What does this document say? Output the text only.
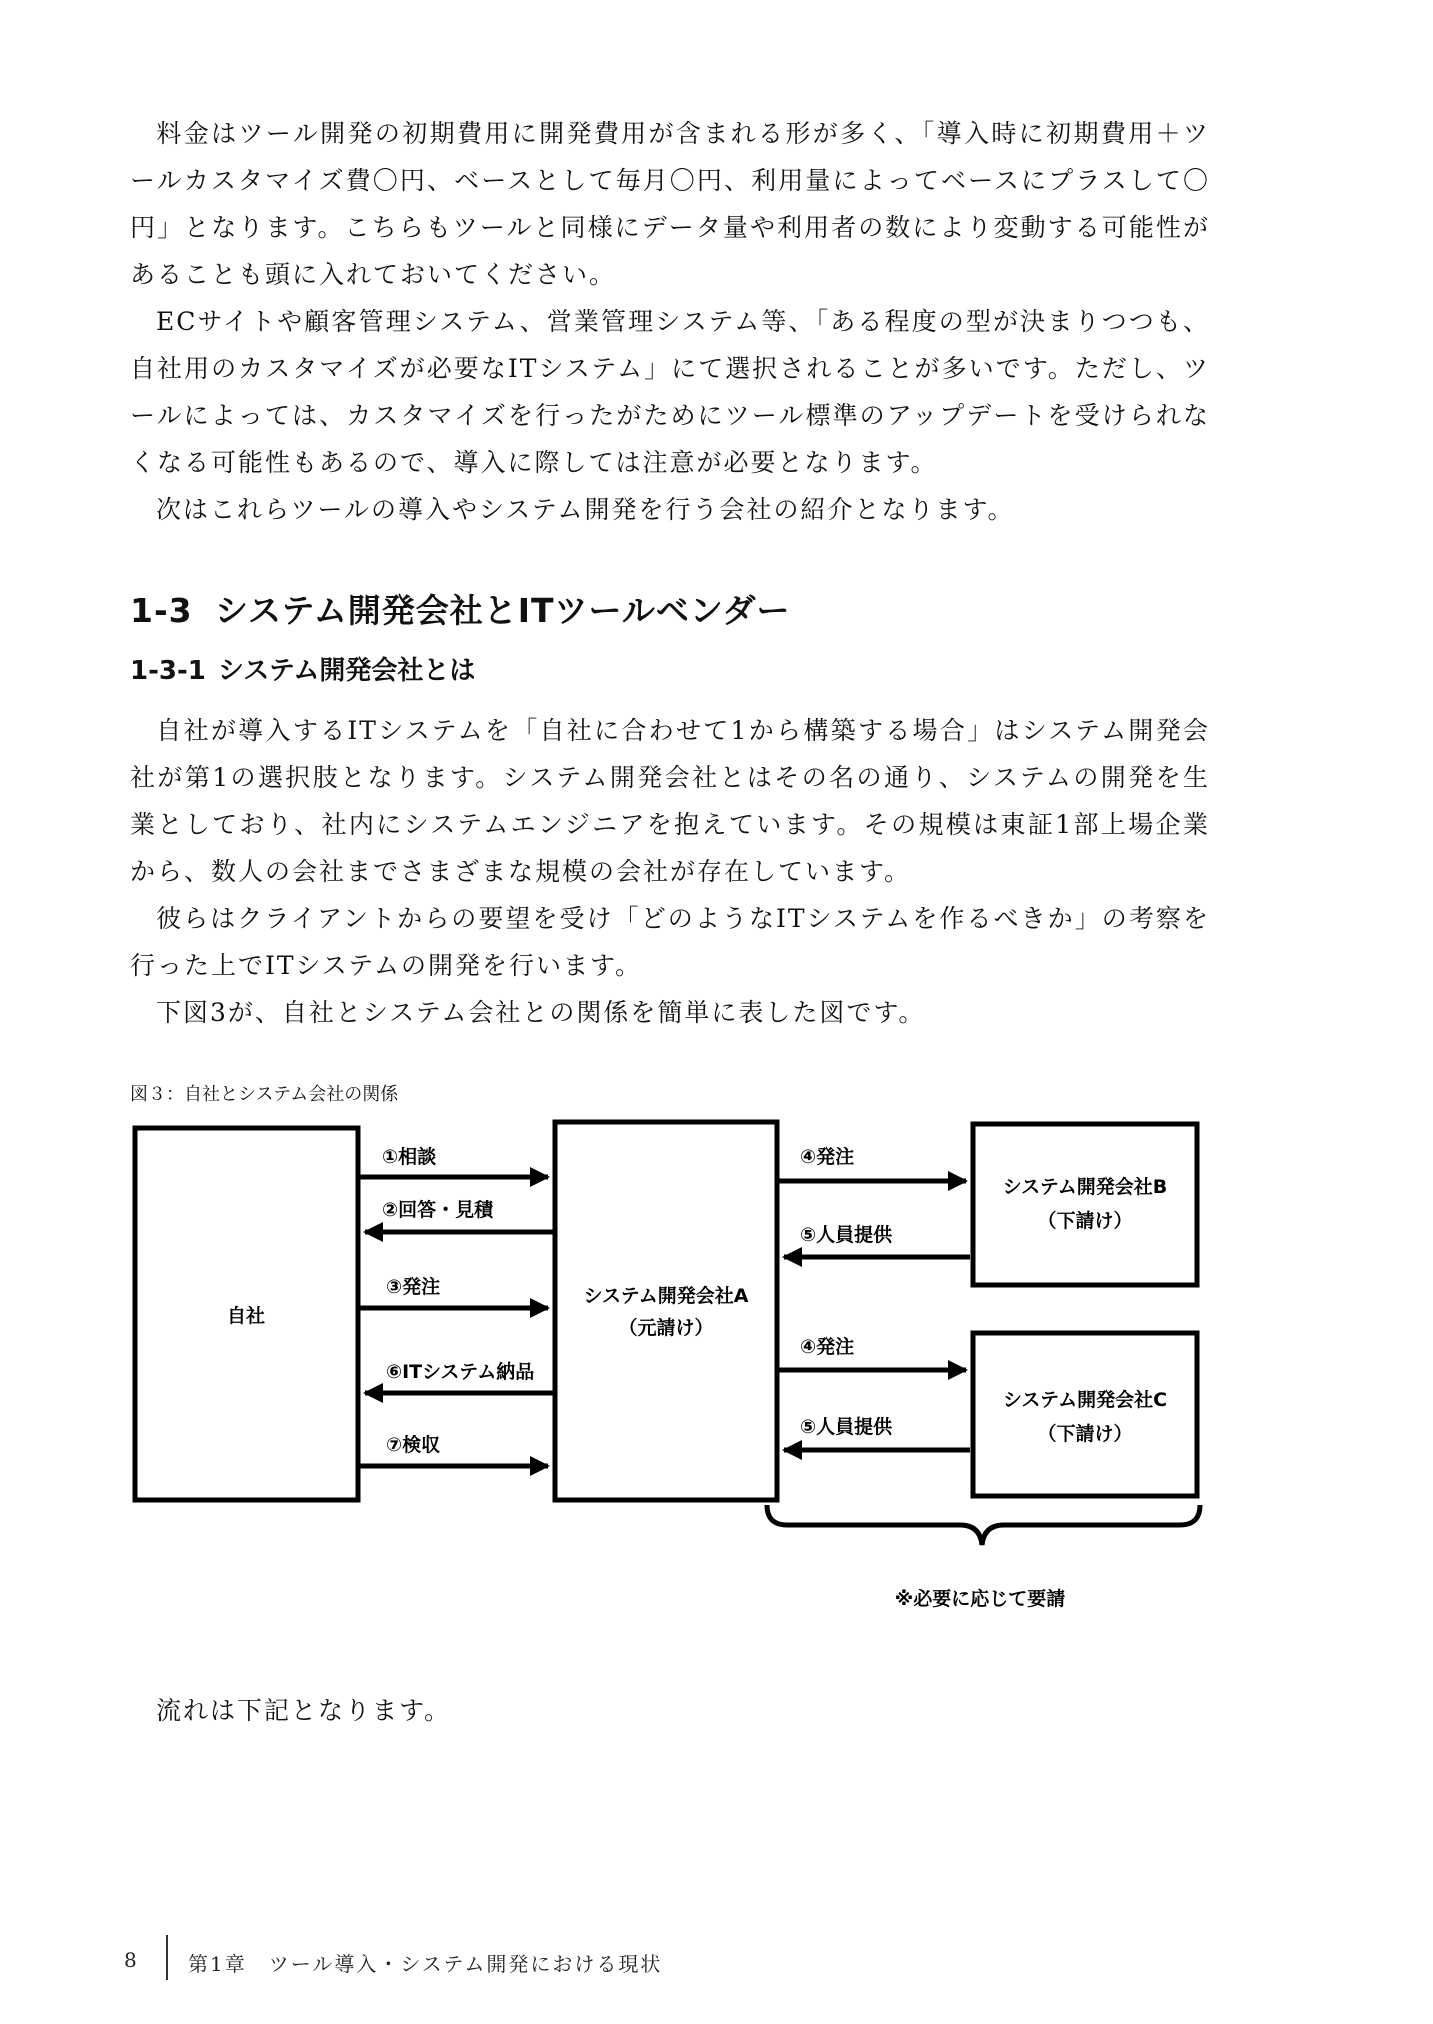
料金はツール開発の初期費用に開発費用が含まれる形が多く、「導入時に初期費用＋ツールカスタマイズ費〇円、ベースとして毎月〇円、利用量によってベースにプラスして〇円」となります。こちらもツールと同様にデータ量や利用者の数により変動する可能性があることも頭に入れておいてください。

ECサイトや顧客管理システム、営業管理システム等、「ある程度の型が決まりつつも、自社用のカスタマイズが必要なITシステム」にて選択されることが多いです。ただし、ツールによっては、カスタマイズを行ったがためにツール標準のアップデートを受けられなくなる可能性もあるので、導入に際しては注意が必要となります。

次はこれらツールの導入やシステム開発を行う会社の紹介となります。

1-3 システム開発会社とITツールベンダー
1-3-1 システム開発会社とは

自社が導入するITシステムを「自社に合わせて1から構築する場合」はシステム開発会社が第1の選択肢となります。システム開発会社とはその名の通り、システムの開発を生業としており、社内にシステムエンジニアを抱えています。その規模は東証1部上場企業から、数人の会社までさまざまな規模の会社が存在しています。

彼らはクライアントからの要望を受け「どのようなITシステムを作るべきか」の考察を行った上でITシステムの開発を行います。

下図3が、自社とシステム会社との関係を簡単に表した図です。

図３：自社とシステム会社の関係

自社
システム開発会社A
（元請け）
システム開発会社B
（下請け）
システム開発会社C
（下請け）
①相談
②回答・見積
③発注
⑥ITシステム納品
⑦検収
④発注
⑤人員提供
④発注
⑤人員提供
※必要に応じて要請

流れは下記となります。

8	第1章　ツール導入・システム開発における現状
